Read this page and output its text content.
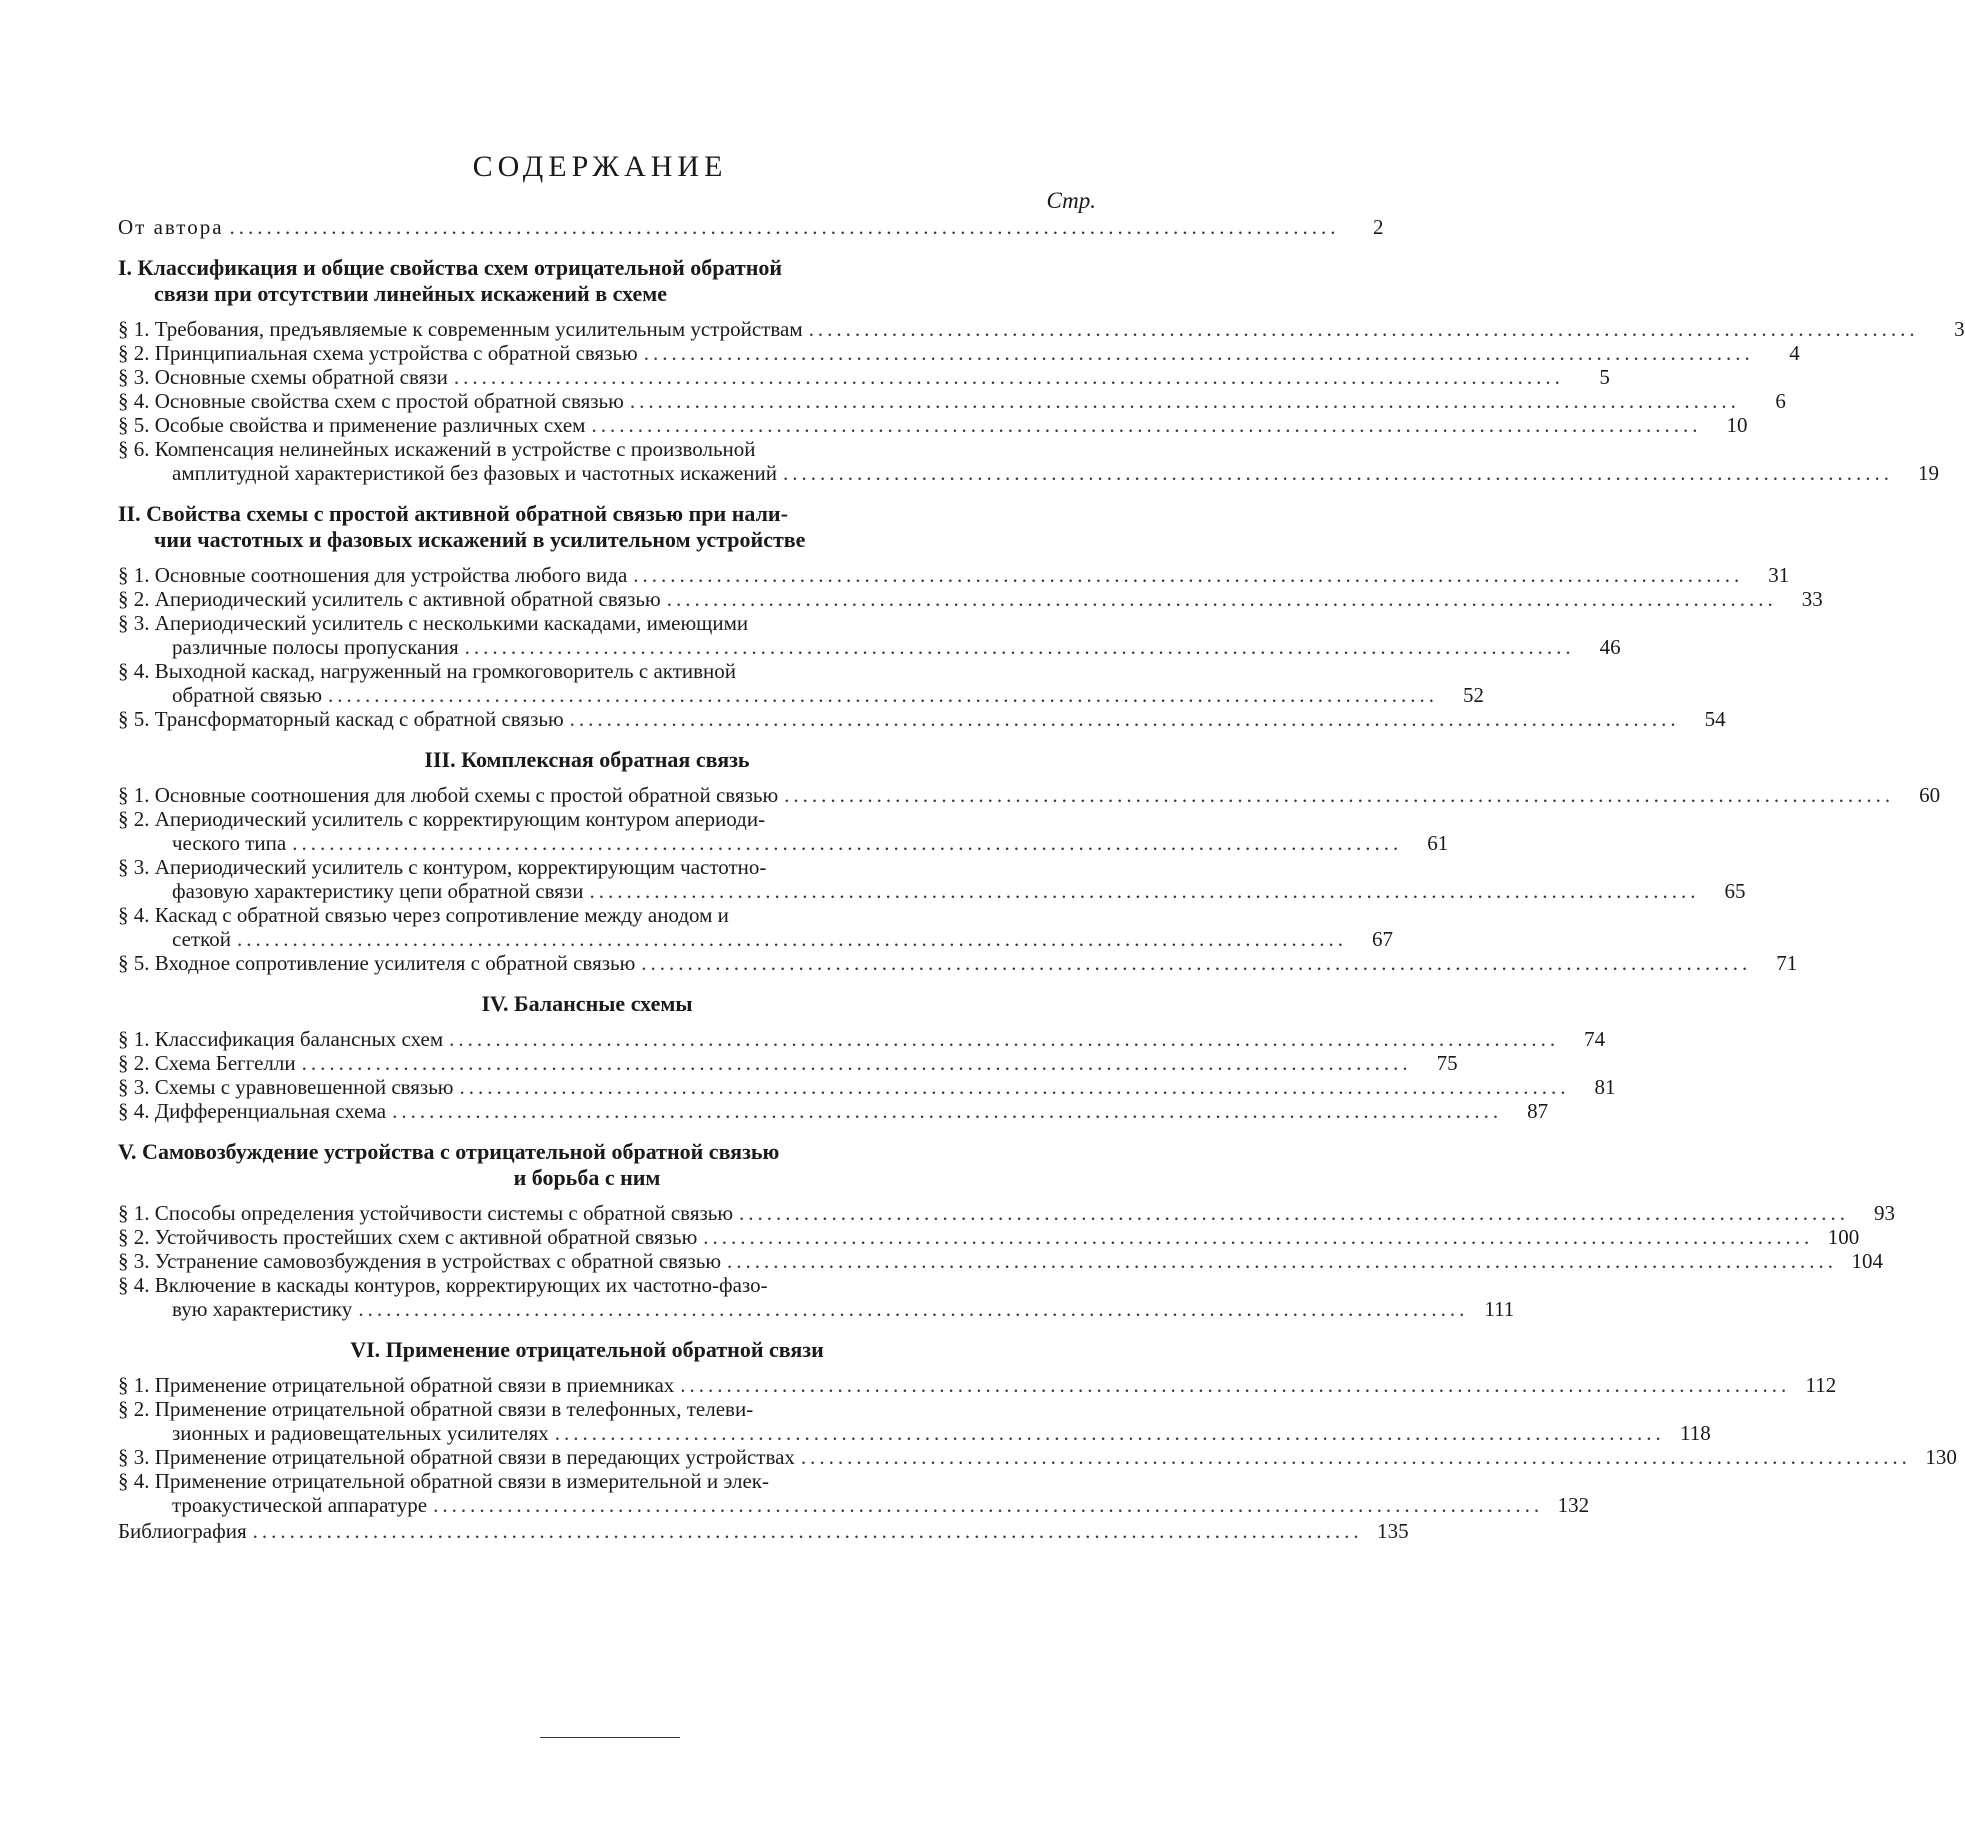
СОДЕРЖАНИЕ
Стр.
От автора ........................................................................................................................	2
I. Классификация и общие свойства схем отрицательной обратной
связи при отсутствии линейных искажений в схеме
§ 1. Требования, предъявляемые к современным усилительным устройствам ........................................................................................................................	3
§ 2. Принципиальная схема устройства с обратной связью ........................................................................................................................	4
§ 3. Основные схемы обратной связи ........................................................................................................................	5
§ 4. Основные свойства схем с простой обратной связью ........................................................................................................................	6
§ 5. Особые свойства и применение различных схем ........................................................................................................................	10
§ 6. Компенсация нелинейных искажений в устройстве с произвольной
амплитудной характеристикой без фазовых и частотных искажений ........................................................................................................................	19
II. Свойства схемы с простой активной обратной связью при нали-
чии частотных и фазовых искажений в усилительном устройстве
§ 1. Основные соотношения для устройства любого вида ........................................................................................................................	31
§ 2. Апериодический усилитель с активной обратной связью ........................................................................................................................	33
§ 3. Апериодический усилитель с несколькими каскадами, имеющими
различные полосы пропускания ........................................................................................................................	46
§ 4. Выходной каскад, нагруженный на громкоговоритель с активной
обратной связью ........................................................................................................................	52
§ 5. Трансформаторный каскад с обратной связью ........................................................................................................................	54
III. Комплексная обратная связь
§ 1. Основные соотношения для любой схемы с простой обратной связью ........................................................................................................................	60
§ 2. Апериодический усилитель с корректирующим контуром апериоди-
ческого типа ........................................................................................................................	61
§ 3. Апериодический усилитель с контуром, корректирующим частотно-
фазовую характеристику цепи обратной связи ........................................................................................................................	65
§ 4. Каскад с обратной связью через сопротивление между анодом и
сеткой ........................................................................................................................	67
§ 5. Входное сопротивление усилителя с обратной связью ........................................................................................................................	71
IV. Балансные схемы
§ 1. Классификация балансных схем ........................................................................................................................	74
§ 2. Схема Беггелли ........................................................................................................................	75
§ 3. Схемы с уравновешенной связью ........................................................................................................................	81
§ 4. Дифференциальная схема ........................................................................................................................	87
V. Самовозбуждение устройства с отрицательной обратной связью
и борьба с ним
§ 1. Способы определения устойчивости системы с обратной связью ........................................................................................................................	93
§ 2. Устойчивость простейших схем с активной обратной связью ........................................................................................................................ 100
§ 3. Устранение самовозбуждения в устройствах с обратной связью ........................................................................................................................ 104
§ 4. Включение в каскады контуров, корректирующих их частотно-фазо-
вую характеристику ........................................................................................................................ 111
VI. Применение отрицательной обратной связи
§ 1. Применение отрицательной обратной связи в приемниках ........................................................................................................................ 112
§ 2. Применение отрицательной обратной связи в телефонных, телеви-
зионных и радиовещательных усилителях ........................................................................................................................ 118
§ 3. Применение отрицательной обратной связи в передающих устройствах ........................................................................................................................ 130
§ 4. Применение отрицательной обратной связи в измерительной и элек-
троакустической аппаратуре ........................................................................................................................ 132
Библиография ........................................................................................................................ 135
